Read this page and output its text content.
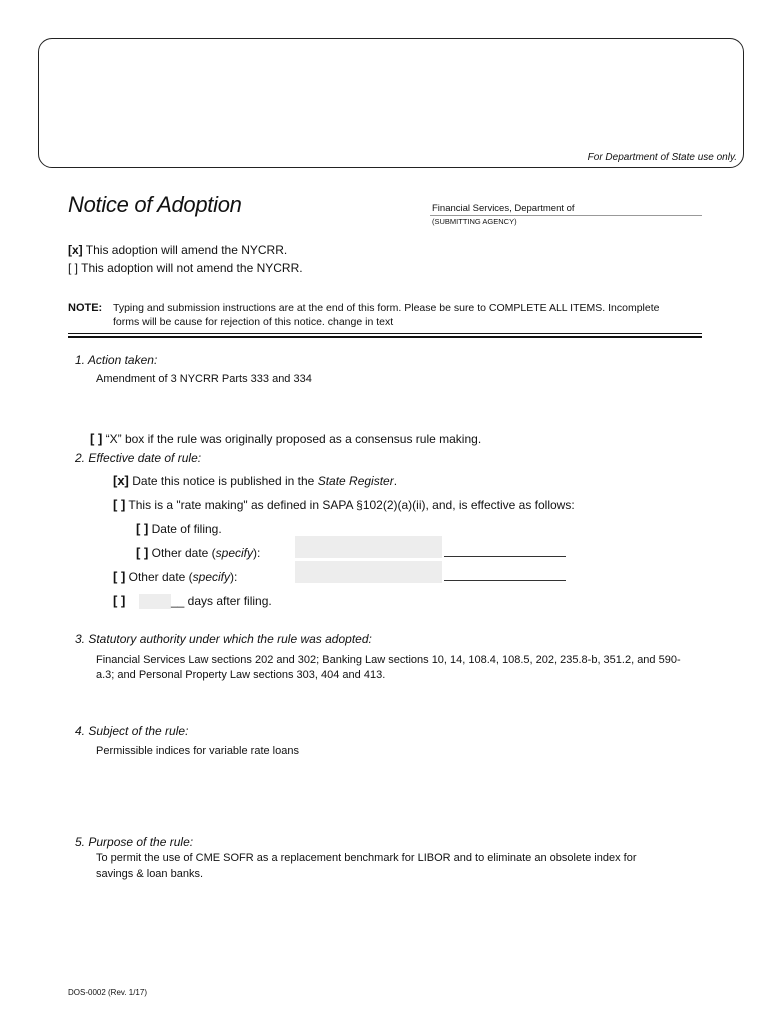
For Department of State use only.
Notice of Adoption	Financial Services, Department of
(SUBMITTING AGENCY)
[x] This adoption will amend the NYCRR.
[ ] This adoption will not amend the NYCRR.
NOTE: Typing and submission instructions are at the end of this form. Please be sure to COMPLETE ALL ITEMS. Incomplete
forms will be cause for rejection of this notice. change in text
1. Action taken:
Amendment of 3 NYCRR Parts 333 and 334
[ ] “X” box if the rule was originally proposed as a consensus rule making.
2. Effective date of rule:
[x] Date this notice is published in the State Register.
[ ] This is a "rate making" as defined in SAPA §102(2)(a)(ii), and, is effective as follows:
[ ] Date of filing.
[ ] Other date (specify):
[ ] Other date (specify):
[ ]	__ days after filing.
3. Statutory authority under which the rule was adopted:
Financial Services Law sections 202 and 302; Banking Law sections 10, 14, 108.4, 108.5, 202, 235.8-b, 351.2, and 590-
a.3; and Personal Property Law sections 303, 404 and 413.
4. Subject of the rule:
Permissible indices for variable rate loans
5. Purpose of the rule:
To permit the use of CME SOFR as a replacement benchmark for LIBOR and to eliminate an obsolete index for
savings & loan banks.
DOS-0002 (Rev. 1/17)
